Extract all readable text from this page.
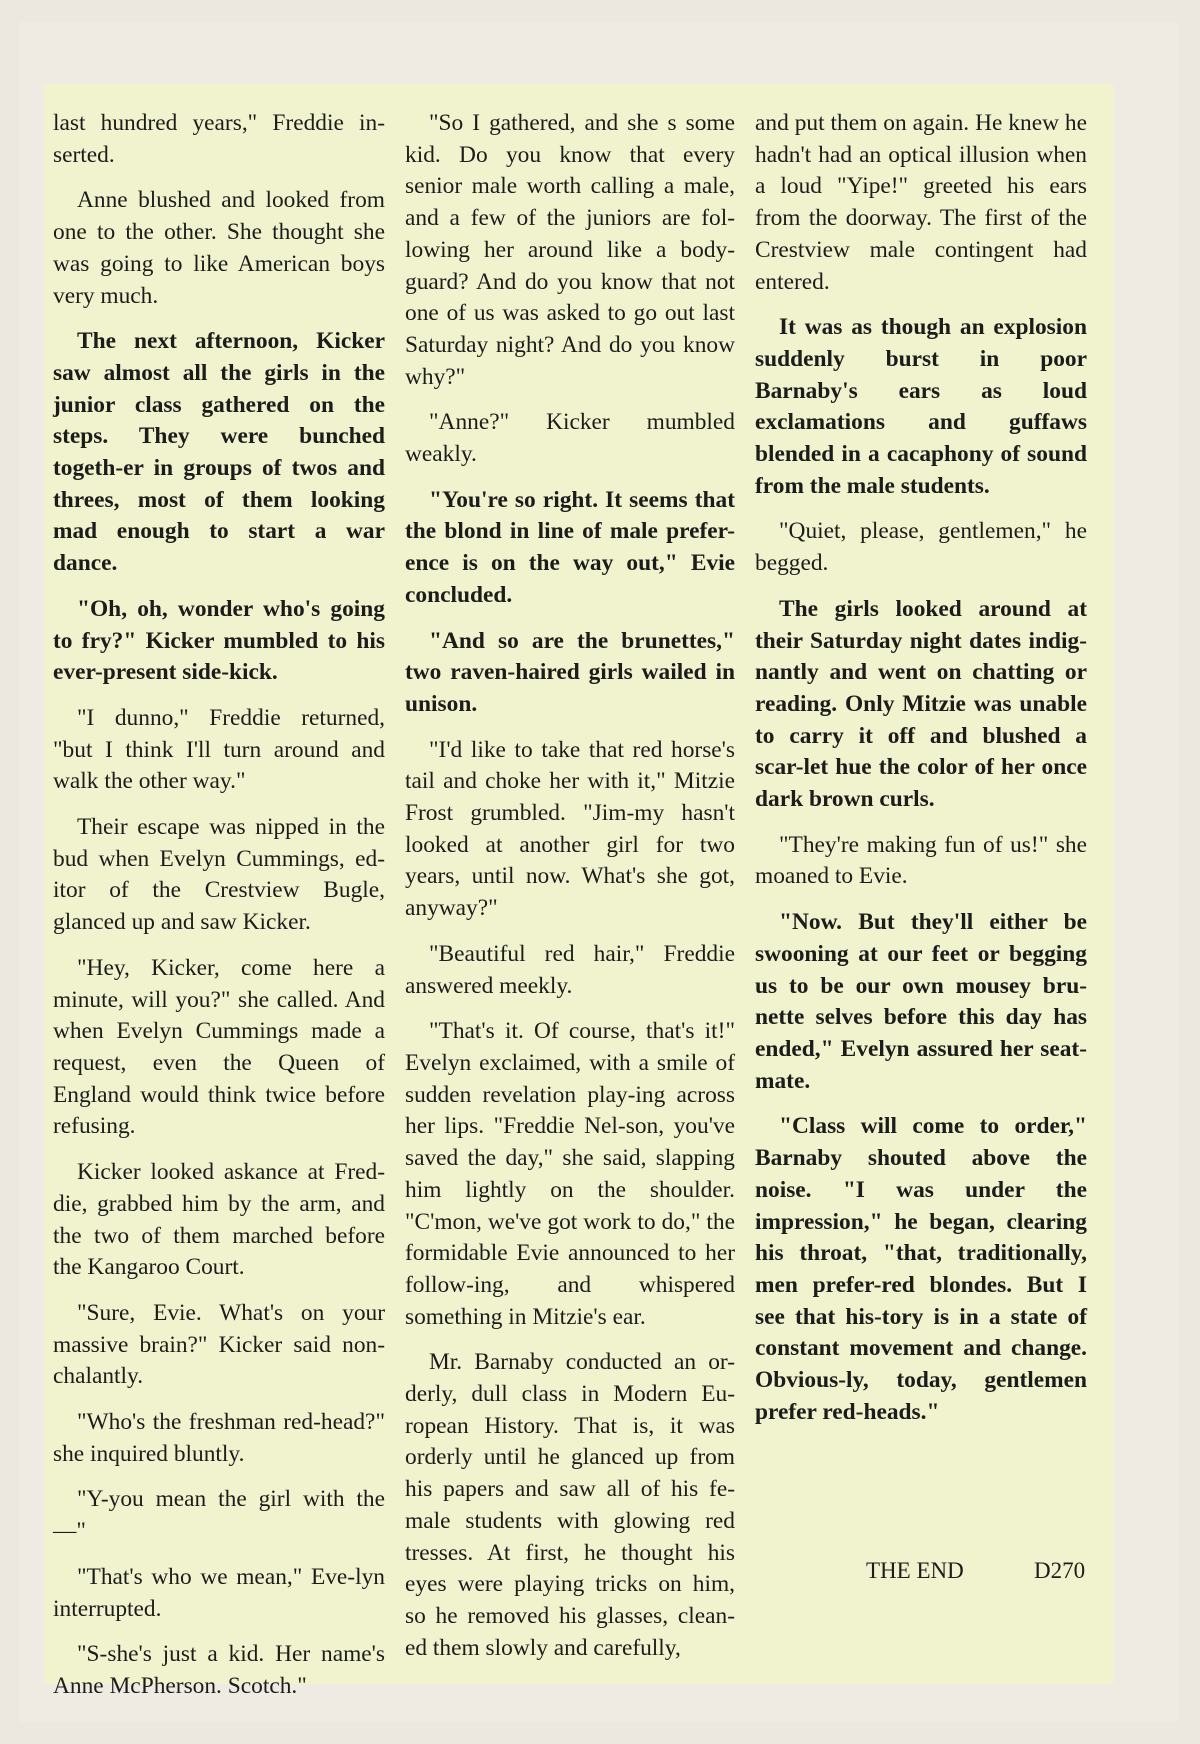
last hundred years," Freddie in-serted.

Anne blushed and looked from one to the other. She thought she was going to like American boys very much.

The next afternoon, Kicker saw almost all the girls in the junior class gathered on the steps. They were bunched togeth-er in groups of twos and threes, most of them looking mad enough to start a war dance.

"Oh, oh, wonder who's going to fry?" Kicker mumbled to his ever-present side-kick.

"I dunno," Freddie returned, "but I think I'll turn around and walk the other way."

Their escape was nipped in the bud when Evelyn Cummings, ed-itor of the Crestview Bugle, glanced up and saw Kicker.

"Hey, Kicker, come here a minute, will you?" she called. And when Evelyn Cummings made a request, even the Queen of England would think twice before refusing.

Kicker looked askance at Fred-die, grabbed him by the arm, and the two of them marched before the Kangaroo Court.

"Sure, Evie. What's on your massive brain?" Kicker said non-chalantly.

"Who's the freshman red-head?" she inquired bluntly.

"Y-you mean the girl with the—"

"That's who we mean," Eve-lyn interrupted.

"S-she's just a kid. Her name's Anne McPherson. Scotch."

"So I gathered, and she s some kid. Do you know that every senior male worth calling a male, and a few of the juniors are fol-lowing her around like a body-guard? And do you know that not one of us was asked to go out last Saturday night? And do you know why?"

"Anne?" Kicker mumbled weakly.

"You're so right. It seems that the blond in line of male prefer-ence is on the way out," Evie concluded.

"And so are the brunettes," two raven-haired girls wailed in unison.

"I'd like to take that red horse's tail and choke her with it," Mitzie Frost grumbled. "Jim-my hasn't looked at another girl for two years, until now. What's she got, anyway?"

"Beautiful red hair," Freddie answered meekly.

"That's it. Of course, that's it!" Evelyn exclaimed, with a smile of sudden revelation play-ing across her lips. "Freddie Nel-son, you've saved the day," she said, slapping him lightly on the shoulder. "C'mon, we've got work to do," the formidable Evie announced to her follow-ing, and whispered something in Mitzie's ear.

Mr. Barnaby conducted an or-derly, dull class in Modern Eu-ropean History. That is, it was orderly until he glanced up from his papers and saw all of his fe-male students with glowing red tresses. At first, he thought his eyes were playing tricks on him, so he removed his glasses, clean-ed them slowly and carefully,

and put them on again. He knew he hadn't had an optical illusion when a loud "Yipe!" greeted his ears from the doorway. The first of the Crestview male contingent had entered.

It was as though an explosion suddenly burst in poor Barnaby's ears as loud exclamations and guffaws blended in a cacaphony of sound from the male students.

"Quiet, please, gentlemen," he begged.

The girls looked around at their Saturday night dates indig-nantly and went on chatting or reading. Only Mitzie was unable to carry it off and blushed a scar-let hue the color of her once dark brown curls.

"They're making fun of us!" she moaned to Evie.

"Now. But they'll either be swooning at our feet or begging us to be our own mousey bru-nette selves before this day has ended," Evelyn assured her seat-mate.

"Class will come to order," Barnaby shouted above the noise. "I was under the impression," he began, clearing his throat, "that, traditionally, men prefer-red blondes. But I see that his-tory is in a state of constant movement and change. Obvious-ly, today, gentlemen prefer red-heads."

THE END	D270
